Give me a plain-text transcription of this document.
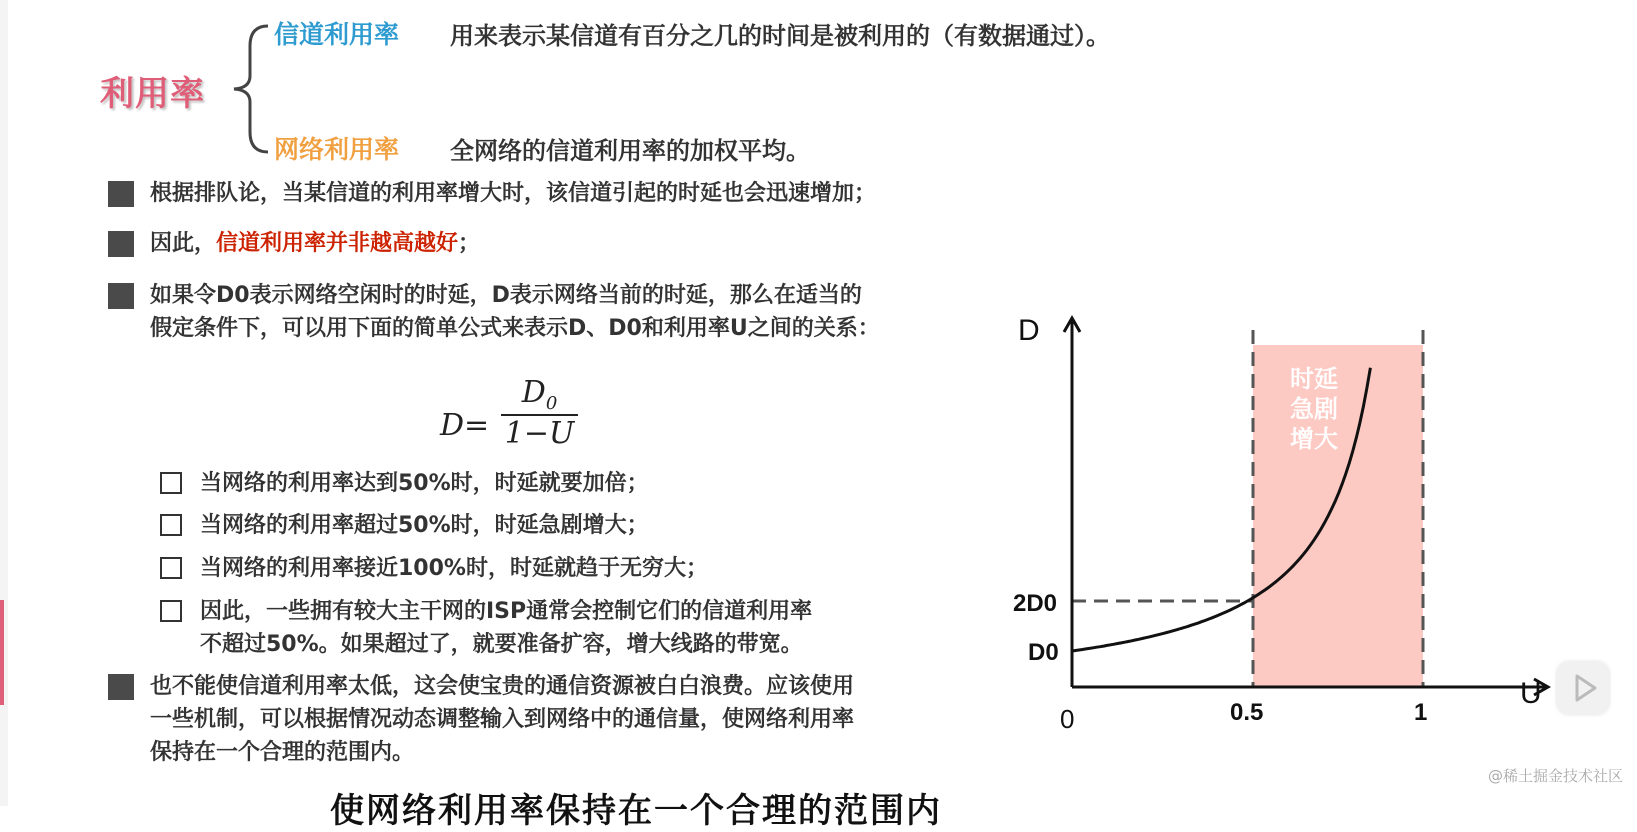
利用率
信道利用率 用来表示某信道有百分之几的时间是被利用的（有数据通过）。
网络利用率 全网络的信道利用率的加权平均。
根据排队论，当某信道的利用率增大时，该信道引起的时延也会迅速增加；
因此，信道利用率并非越高越好；
如果令D0表示网络空闲时的时延，D表示网络当前的时延，那么在适当的
假定条件下，可以用下面的简单公式来表示D、D0和利用率U之间的关系：
$D= \frac{D_0}{1-U}$
当网络的利用率达到50%时，时延就要加倍；
当网络的利用率超过50%时，时延急剧增大；
当网络的利用率接近100%时，时延就趋于无穷大；
因此，一些拥有较大主干网的ISP通常会控制它们的信道利用率
不超过50%。如果超过了，就要准备扩容，增大线路的带宽。
也不能使信道利用率太低，这会使宝贵的通信资源被白白浪费。应该使用
一些机制，可以根据情况动态调整输入到网络中的通信量，使网络利用率
保持在一个合理的范围内。
D
U
0	0.5	1
D0
2D0
时延
急剧
增大
@稀土掘金技术社区
使网络利用率保持在一个合理的范围内
